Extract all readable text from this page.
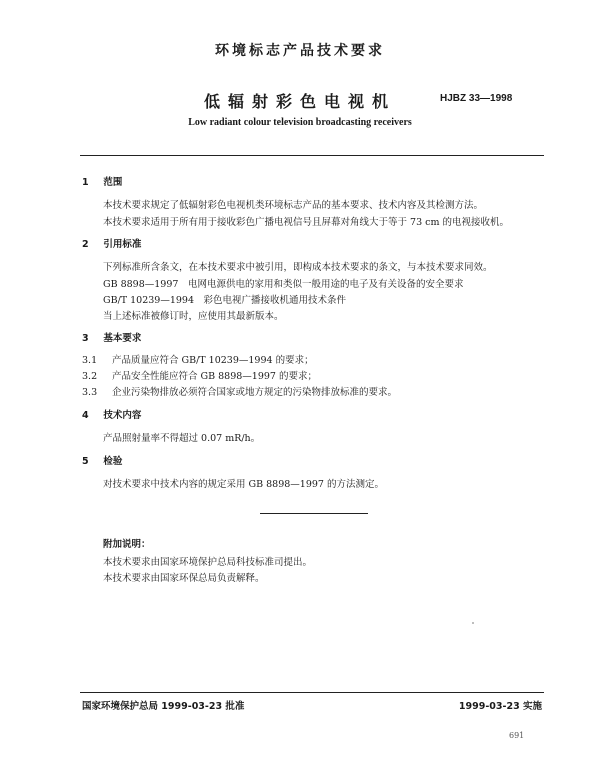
环境标志产品技术要求
低辐射彩色电视机	HJBZ 33—1998
Low radiant colour television broadcasting receivers
1 范围
本技术要求规定了低辐射彩色电视机类环境标志产品的基本要求、技术内容及其检测方法。
本技术要求适用于所有用于接收彩色广播电视信号且屏幕对角线大于等于 73 cm 的电视接收机。
2 引用标准
下列标准所含条文，在本技术要求中被引用，即构成本技术要求的条文，与本技术要求同效。
GB 8898—1997　电网电源供电的家用和类似一般用途的电子及有关设备的安全要求
GB/T 10239—1994　彩色电视广播接收机通用技术条件
当上述标准被修订时，应使用其最新版本。
3 基本要求
3.1 产品质量应符合 GB/T 10239—1994 的要求；
3.2 产品安全性能应符合 GB 8898—1997 的要求；
3.3 企业污染物排放必须符合国家或地方规定的污染物排放标准的要求。
4 技术内容
产品照射量率不得超过 0.07 mR/h。
5 检验
对技术要求中技术内容的规定采用 GB 8898—1997 的方法测定。
附加说明：
本技术要求由国家环境保护总局科技标准司提出。
本技术要求由国家环保总局负责解释。
国家环境保护总局 1999-03-23 批准	1999-03-23 实施
691
